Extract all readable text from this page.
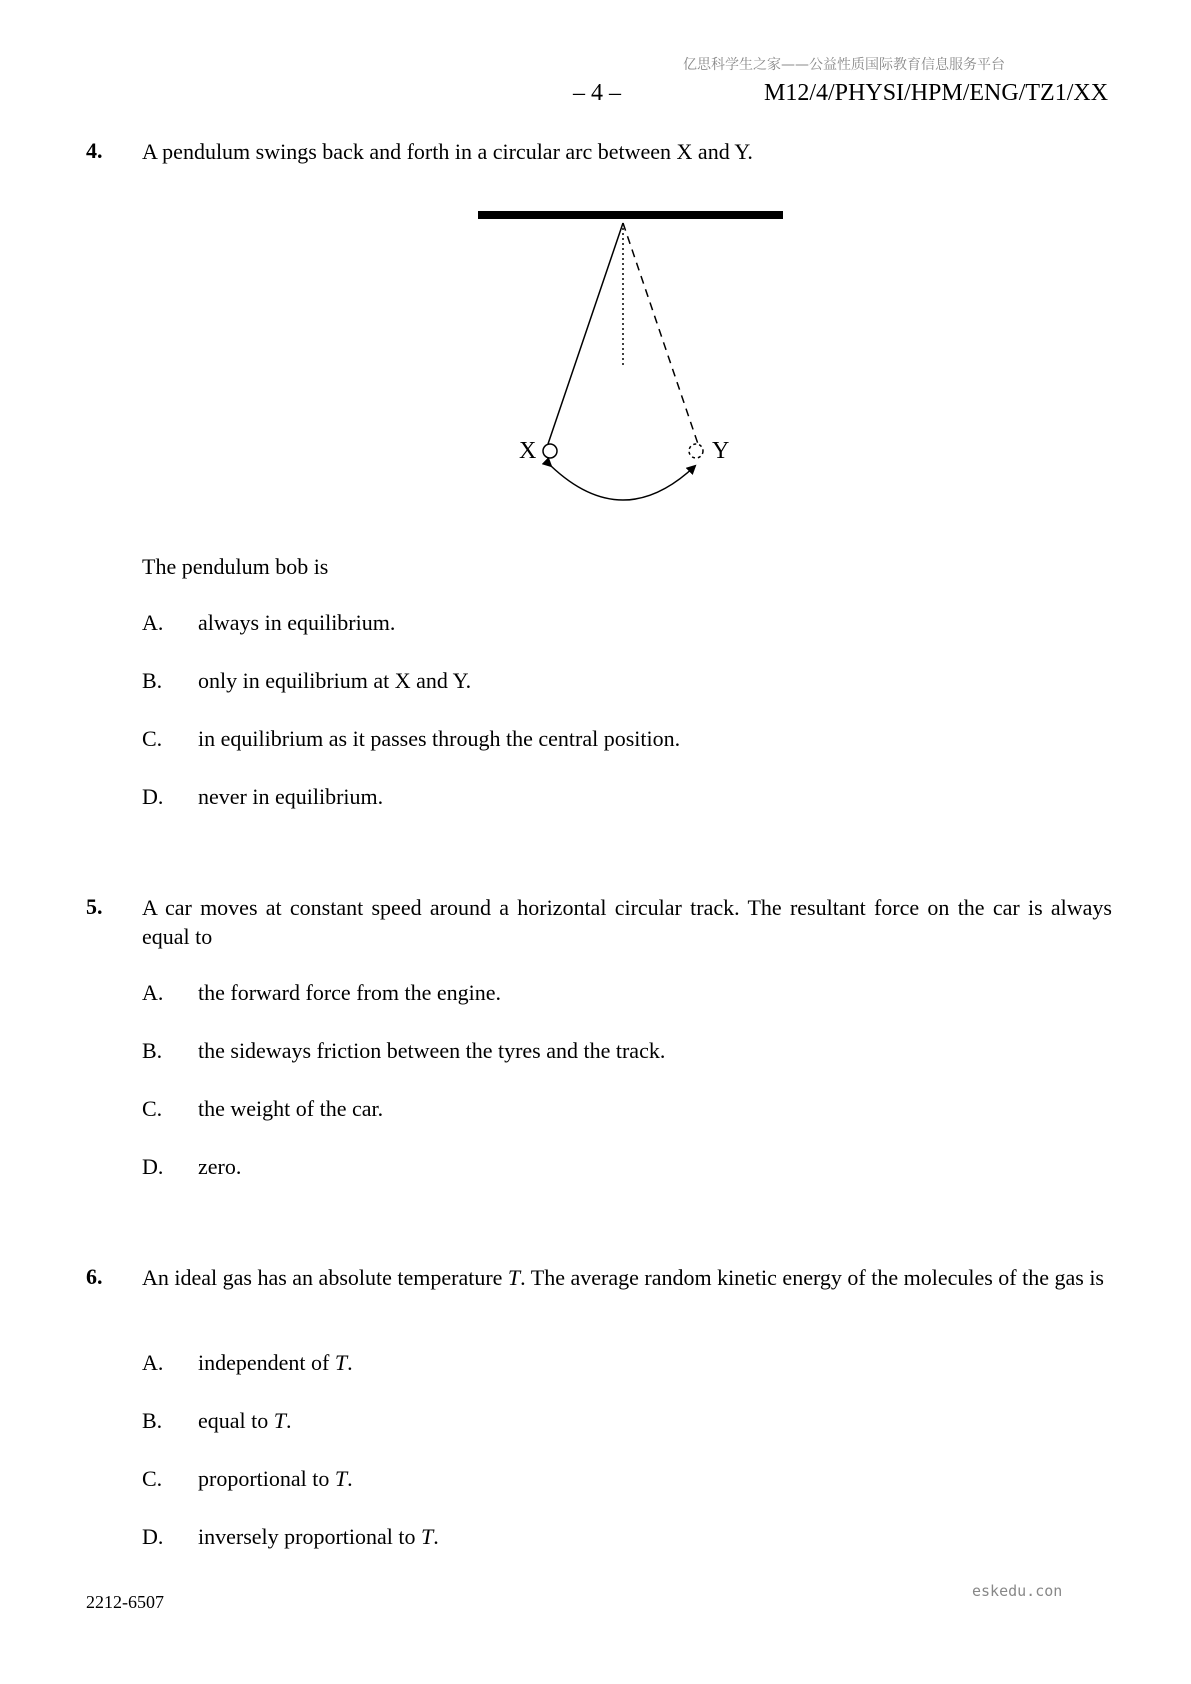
亿思科学生之家——公益性质国际教育信息服务平台
– 4 –	M12/4/PHYSI/HPM/ENG/TZ1/XX
4. A pendulum swings back and forth in a circular arc between X and Y.
X	Y
The pendulum bob is
A. always in equilibrium.
B. only in equilibrium at X and Y.
C. in equilibrium as it passes through the central position.
D. never in equilibrium.
5. A car moves at constant speed around a horizontal circular track. The resultant force on the car is always equal to
A. the forward force from the engine.
B. the sideways friction between the tyres and the track.
C. the weight of the car.
D. zero.
6. An ideal gas has an absolute temperature T. The average random kinetic energy of the molecules of the gas is
A. independent of T.
B. equal to T.
C. proportional to T.
D. inversely proportional to T.
eskedu.con
2212-6507
